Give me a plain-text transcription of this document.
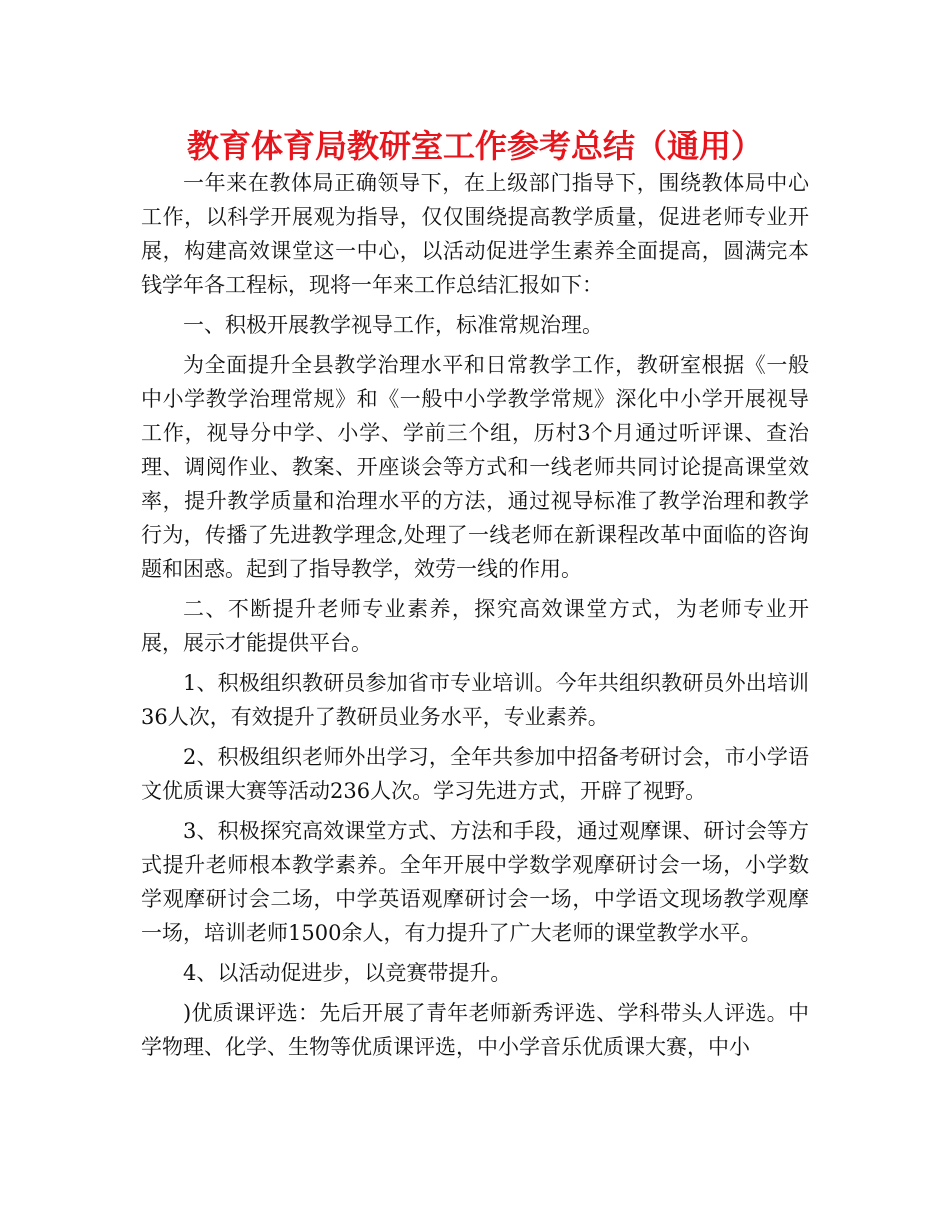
教育体育局教研室工作参考总结（通用）

一年来在教体局正确领导下，在上级部门指导下，围绕教体局中心工作，以科学开展观为指导，仅仅围绕提高教学质量，促进老师专业开展，构建高效课堂这一中心，以活动促进学生素养全面提高，圆满完本钱学年各工程标，现将一年来工作总结汇报如下：

一、积极开展教学视导工作，标准常规治理。

为全面提升全县教学治理水平和日常教学工作，教研室根据《一般中小学教学治理常规》和《一般中小学教学常规》深化中小学开展视导工作，视导分中学、小学、学前三个组，历村3个月通过听评课、查治理、调阅作业、教案、开座谈会等方式和一线老师共同讨论提高课堂效率，提升教学质量和治理水平的方法，通过视导标准了教学治理和教学行为，传播了先进教学理念,处理了一线老师在新课程改革中面临的咨询题和困惑。起到了指导教学，效劳一线的作用。

二、不断提升老师专业素养，探究高效课堂方式，为老师专业开展，展示才能提供平台。

1、积极组织教研员参加省市专业培训。今年共组织教研员外出培训36人次，有效提升了教研员业务水平，专业素养。

2、积极组织老师外出学习，全年共参加中招备考研讨会，市小学语文优质课大赛等活动236人次。学习先进方式，开辟了视野。

3、积极探究高效课堂方式、方法和手段，通过观摩课、研讨会等方式提升老师根本教学素养。全年开展中学数学观摩研讨会一场，小学数学观摩研讨会二场，中学英语观摩研讨会一场，中学语文现场教学观摩一场，培训老师1500余人，有力提升了广大老师的课堂教学水平。

4、以活动促进步，以竞赛带提升。

)优质课评选：先后开展了青年老师新秀评选、学科带头人评选。中学物理、化学、生物等优质课评选，中小学音乐优质课大赛，中小
